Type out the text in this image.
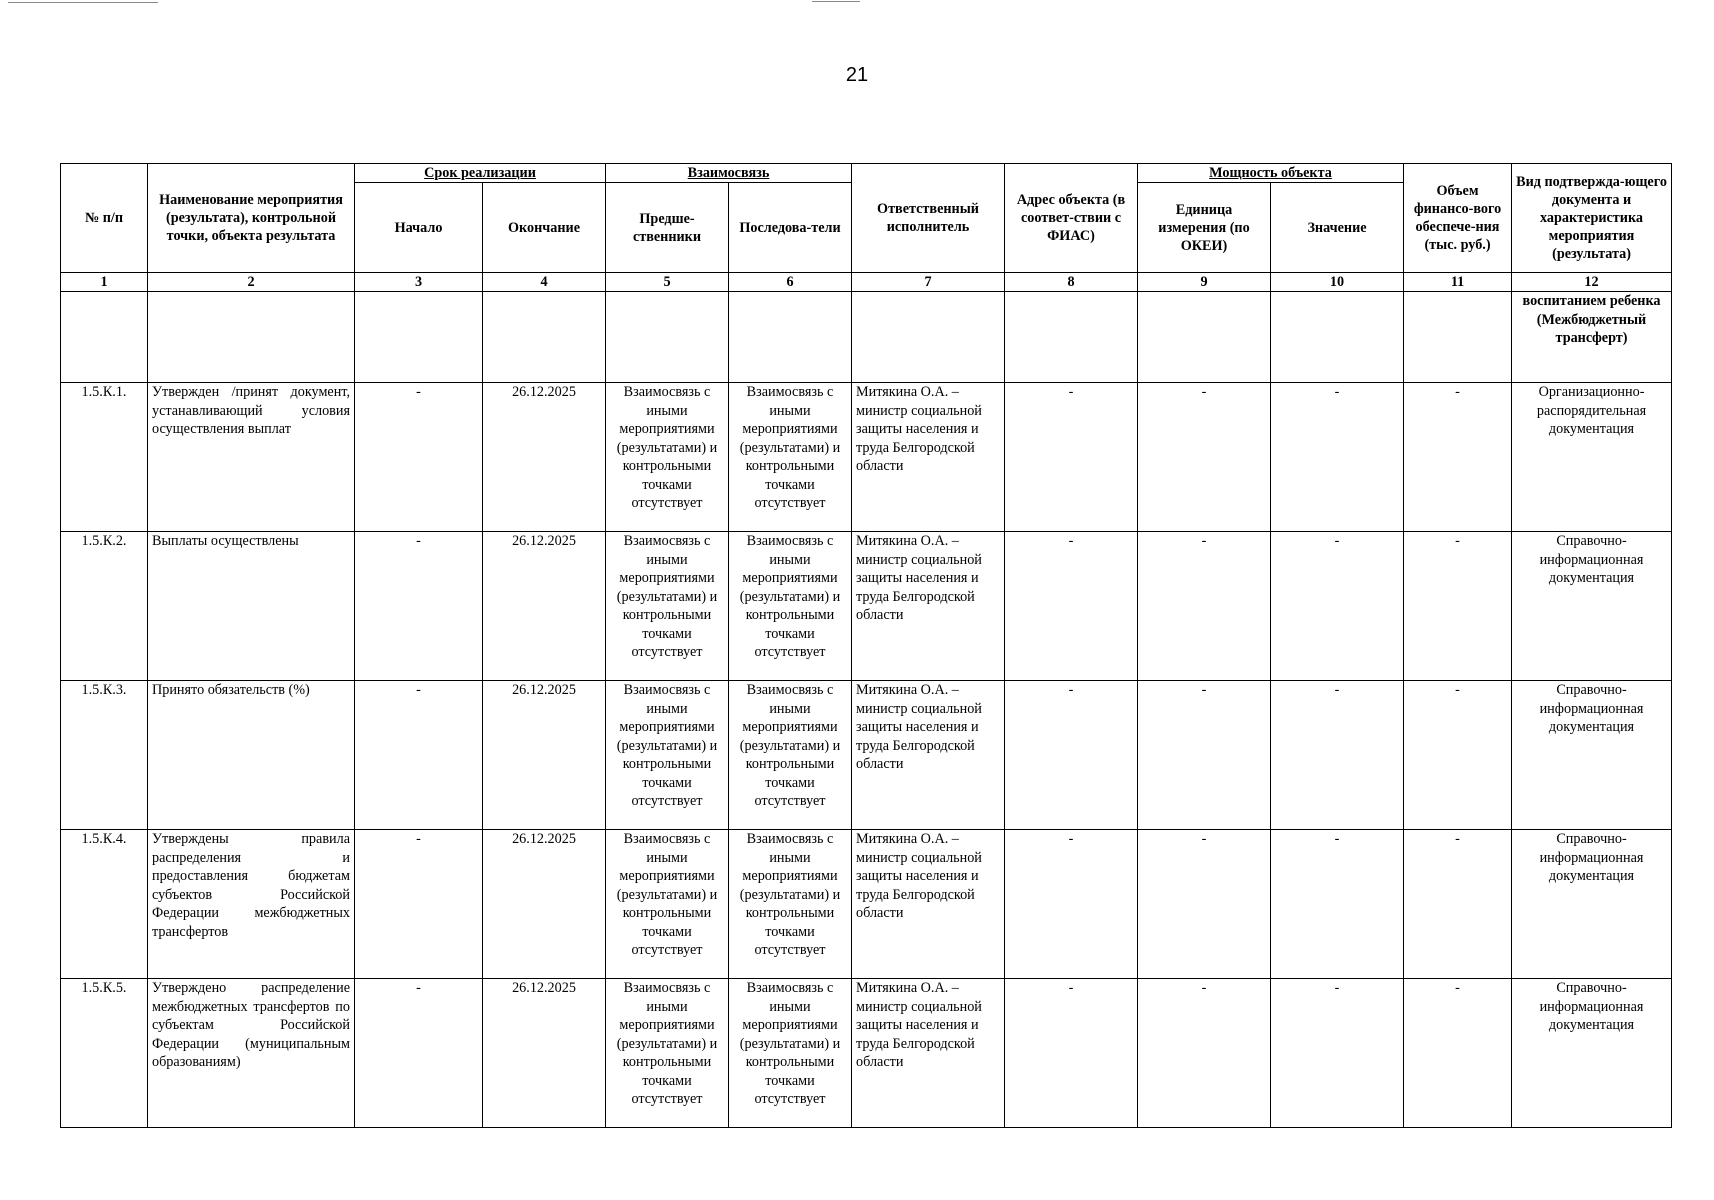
21
№ п/п	Наименование мероприятия (результата), контрольной точки, объекта результата	Срок реализации		Взаимосвязь		Ответственный исполнитель	Адрес объекта (в соответ-ствии с ФИАС)	Мощность объекта		Объем финансо-вого обеспече-ния (тыс. руб.)	Вид подтвержда-ющего документа и характеристика мероприятия (результата)
		Начало	Окончание	Предше-ственники	Последова-тели			Единица измерения (по ОКЕИ)	Значение		
1	2	3	4	5	6	7	8	9	10	11	12
											воспитанием ребенка (Межбюджетный трансферт)
1.5.К.1.	Утвержден /принят документ, устанавливающий условия осуществления выплат	-	26.12.2025	Взаимосвязь с иными мероприятиями (результатами) и контрольными точками отсутствует	Взаимосвязь с иными мероприятиями (результатами) и контрольными точками отсутствует	Митякина О.А. – министр социальной защиты населения и труда Белгородской области	-	-	-	-	Организационно-распорядительная документация
1.5.К.2.	Выплаты осуществлены	-	26.12.2025	Взаимосвязь с иными мероприятиями (результатами) и контрольными точками отсутствует	Взаимосвязь с иными мероприятиями (результатами) и контрольными точками отсутствует	Митякина О.А. – министр социальной защиты населения и труда Белгородской области	-	-	-	-	Справочно-информационная документация
1.5.К.3.	Принято обязательств (%)	-	26.12.2025	Взаимосвязь с иными мероприятиями (результатами) и контрольными точками отсутствует	Взаимосвязь с иными мероприятиями (результатами) и контрольными точками отсутствует	Митякина О.А. – министр социальной защиты населения и труда Белгородской области	-	-	-	-	Справочно-информационная документация
1.5.К.4.	Утверждены правила распределения и предоставления бюджетам субъектов Российской Федерации межбюджетных трансфертов	-	26.12.2025	Взаимосвязь с иными мероприятиями (результатами) и контрольными точками отсутствует	Взаимосвязь с иными мероприятиями (результатами) и контрольными точками отсутствует	Митякина О.А. – министр социальной защиты населения и труда Белгородской области	-	-	-	-	Справочно-информационная документация
1.5.К.5.	Утверждено распределение межбюджетных трансфертов по субъектам Российской Федерации (муниципальным образованиям)	-	26.12.2025	Взаимосвязь с иными мероприятиями (результатами) и контрольными точками отсутствует	Взаимосвязь с иными мероприятиями (результатами) и контрольными точками отсутствует	Митякина О.А. – министр социальной защиты населения и труда Белгородской области	-	-	-	-	Справочно-информационная документация
